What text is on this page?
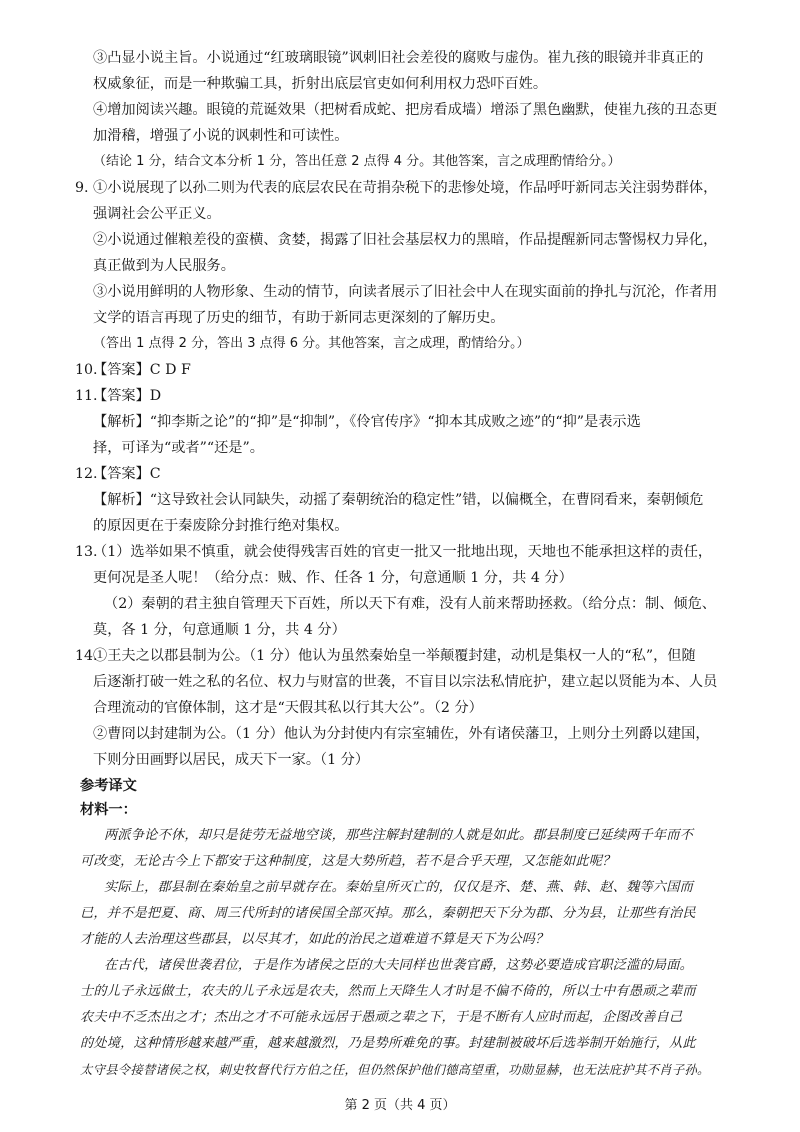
③凸显小说主旨。小说通过“红玻璃眼镜”讽刺旧社会差役的腐败与虚伪。崔九孩的眼镜并非真正的
权威象征，而是一种欺骗工具，折射出底层官吏如何利用权力恐吓百姓。
④增加阅读兴趣。眼镜的荒诞效果（把树看成蛇、把房看成墙）增添了黑色幽默，使崔九孩的丑态更
加滑稽，增强了小说的讽刺性和可读性。
（结论 1 分，结合文本分析 1 分，答出任意 2 点得 4 分。其他答案，言之成理酌情给分。）
9. ①小说展现了以孙二则为代表的底层农民在苛捐杂税下的悲惨处境，作品呼吁新同志关注弱势群体，
强调社会公平正义。
②小说通过催粮差役的蛮横、贪婪，揭露了旧社会基层权力的黑暗，作品提醒新同志警惕权力异化，
真正做到为人民服务。
③小说用鲜明的人物形象、生动的情节，向读者展示了旧社会中人在现实面前的挣扎与沉沦，作者用
文学的语言再现了历史的细节，有助于新同志更深刻的了解历史。
（答出 1 点得 2 分，答出 3 点得 6 分。其他答案，言之成理，酌情给分。）
10.
【答案】C D F
11.
【答案】D
【解析】“抑李斯之论”的“抑”是“抑制”，《伶官传序》“抑本其成败之迹”的“抑”是表示选
择，可译为“或者”“还是”。
12.
【答案】C
【解析】“这导致社会认同缺失，动摇了秦朝统治的稳定性”错，以偏概全，在曹冏看来，秦朝倾危
的原因更在于秦废除分封推行绝对集权。
13.
（1）选举如果不慎重，就会使得残害百姓的官吏一批又一批地出现，天地也不能承担这样的责任，
更何况是圣人呢！（给分点：贼、作、任各 1 分，句意通顺 1 分，共 4 分）
（2）秦朝的君主独自管理天下百姓，所以天下有难，没有人前来帮助拯救。（给分点：制、倾危、
莫，各 1 分，句意通顺 1 分，共 4 分）
14.
①王夫之以郡县制为公。（1 分）他认为虽然秦始皇一举颠覆封建，动机是集权一人的“私”，但随
后逐渐打破一姓之私的名位、权力与财富的世袭，不盲目以宗法私情庇护，建立起以贤能为本、人员
合理流动的官僚体制，这才是“天假其私以行其大公”。（2 分）
②曹冏以封建制为公。（1 分）他认为分封使内有宗室辅佐，外有诸侯藩卫，上则分土列爵以建国，
下则分田画野以居民，成天下一家。（1 分）
参考译文
材料一：
两派争论不休，却只是徒劳无益地空谈，那些注解封建制的人就是如此。郡县制度已延续两千年而不
可改变，无论古今上下都安于这种制度，这是大势所趋，若不是合乎天理，又怎能如此呢？
实际上，郡县制在秦始皇之前早就存在。秦始皇所灭亡的，仅仅是齐、楚、燕、韩、赵、魏等六国而
已，并不是把夏、商、周三代所封的诸侯国全部灭掉。那么，秦朝把天下分为郡、分为县，让那些有治民
才能的人去治理这些郡县，以尽其才，如此的治民之道难道不算是天下为公吗？
在古代，诸侯世袭君位，于是作为诸侯之臣的大夫同样也世袭官爵，这势必要造成官职泛滥的局面。
士的儿子永远做士，农夫的儿子永远是农夫，然而上天降生人才时是不偏不倚的，所以士中有愚顽之辈而
农夫中不乏杰出之才；杰出之才不可能永远居于愚顽之辈之下，于是不断有人应时而起，企图改善自己
的处境，这种情形越来越严重，越来越激烈，乃是势所难免的事。封建制被破坏后选举制开始施行，从此
太守县令接替诸侯之权，刺史牧督代行方伯之任，但仍然保护他们德高望重，功勋显赫，也无法庇护其不肖子孙。
第 2 页（共 4 页）
